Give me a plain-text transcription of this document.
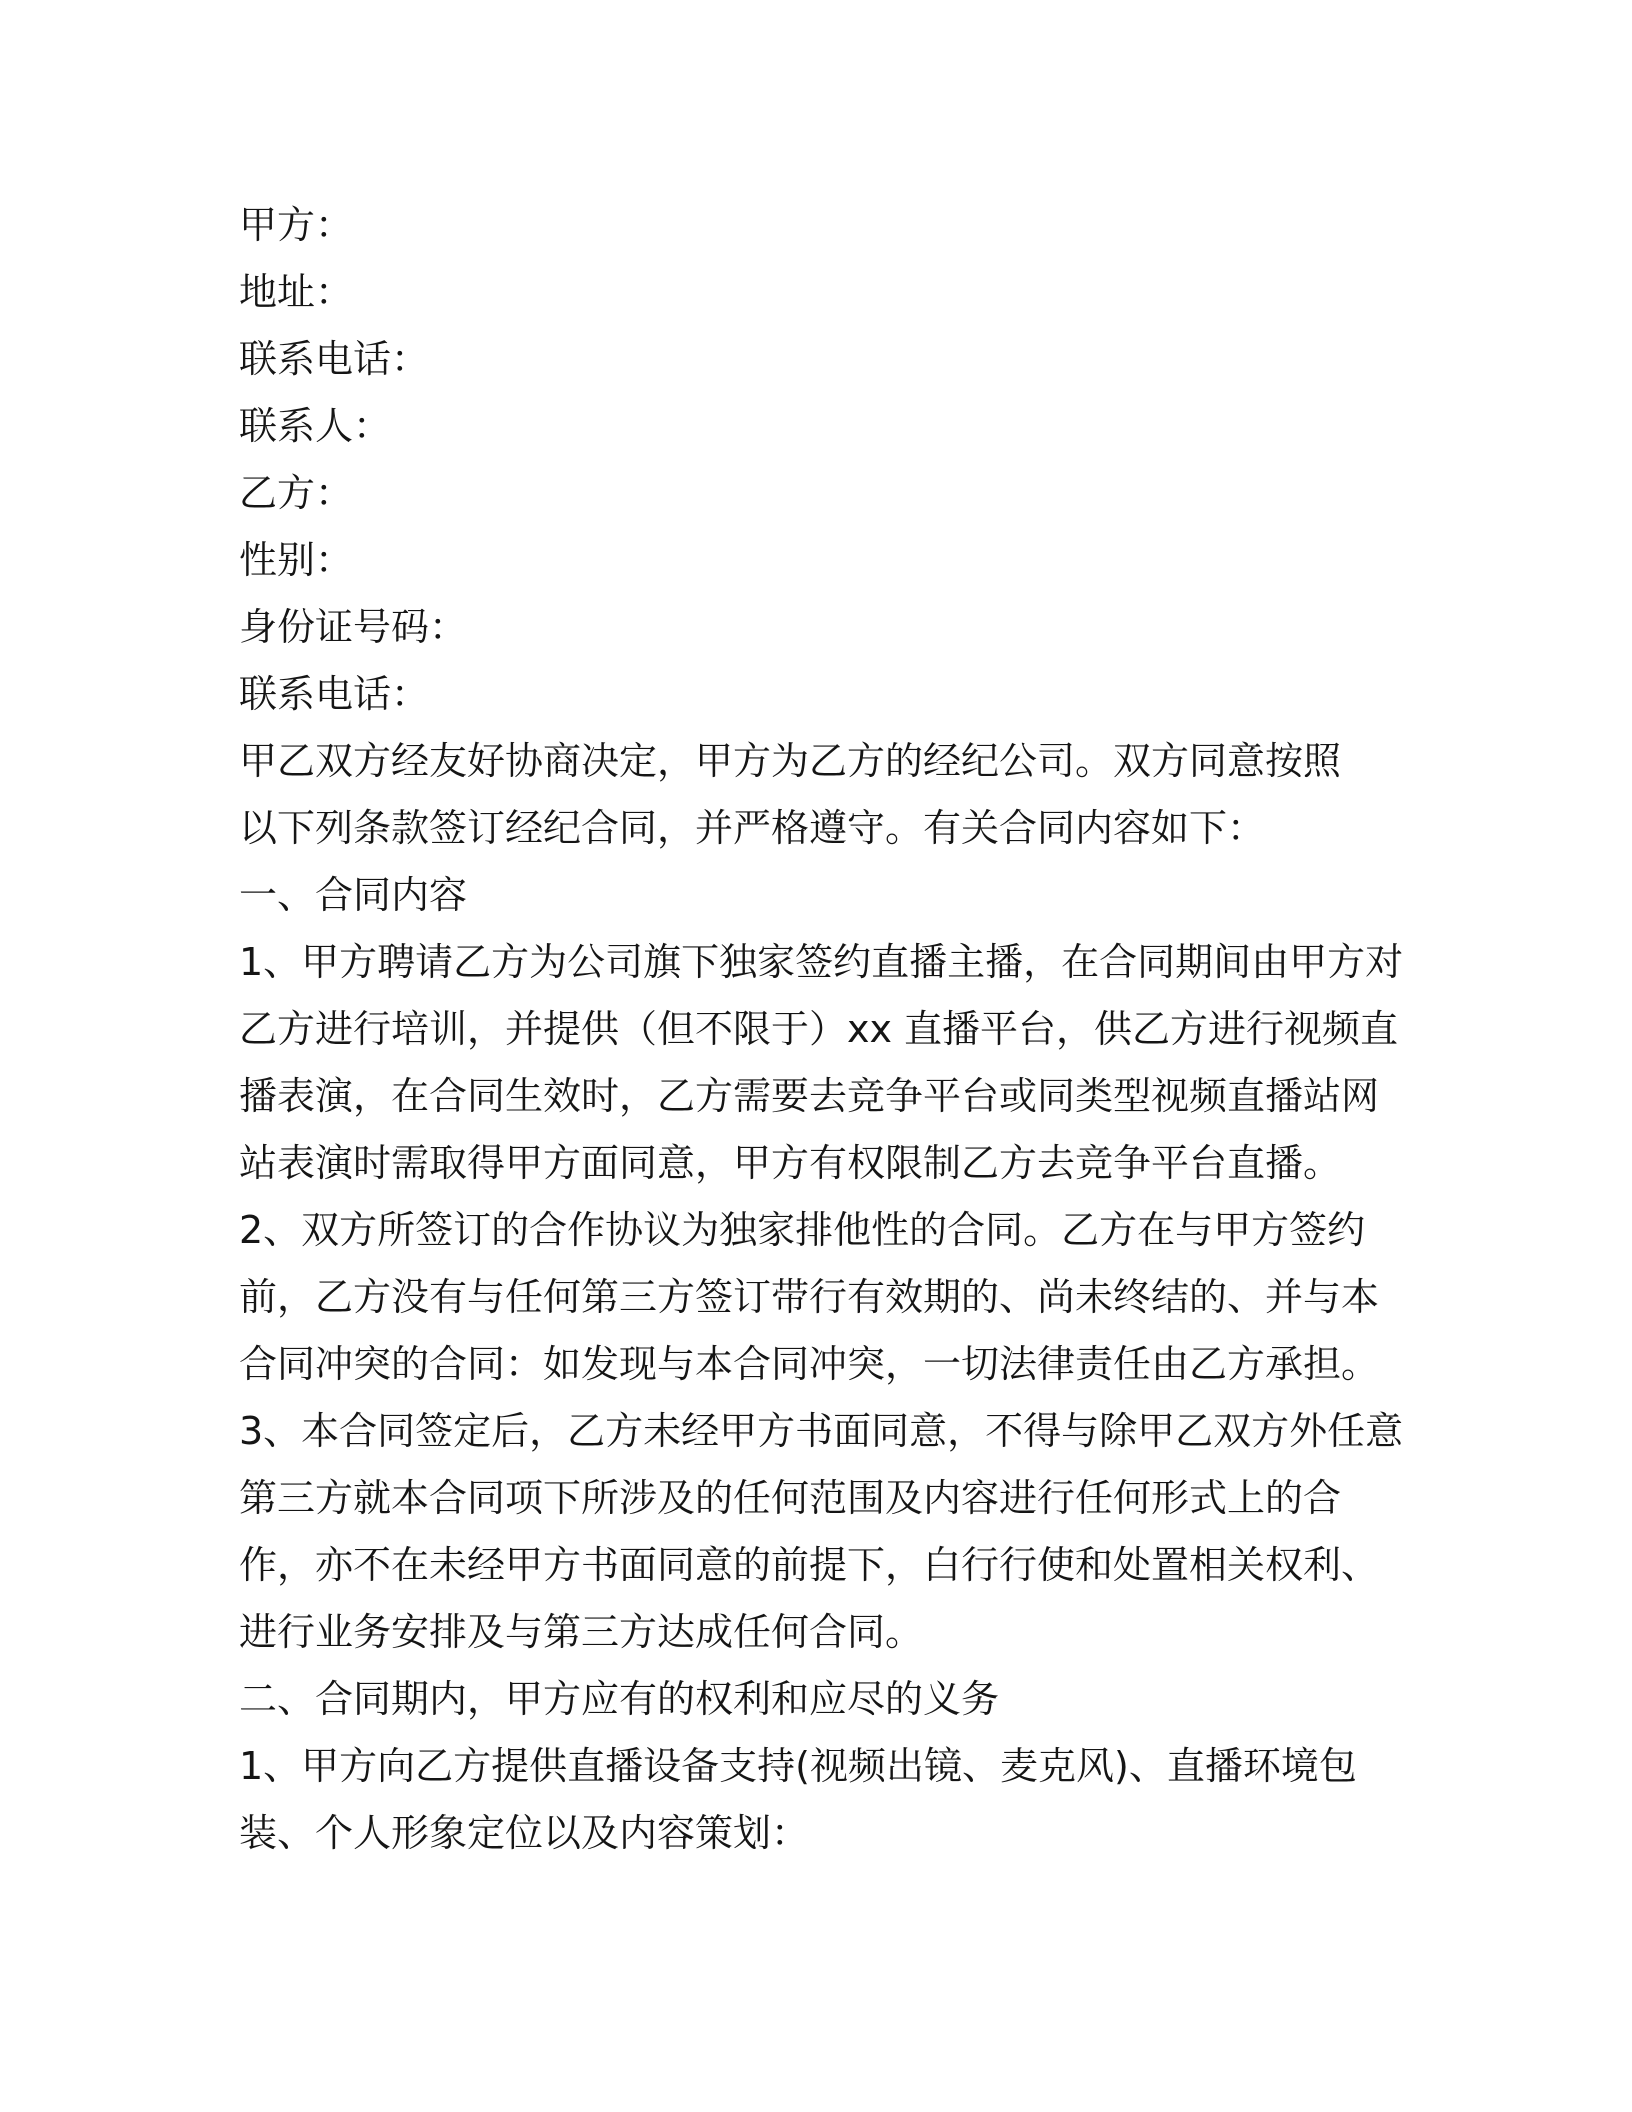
甲方：
地址：
联系电话：
联系人：
乙方：
性别：
身份证号码：
联系电话：
甲乙双方经友好协商决定，甲方为乙方的经纪公司。双方同意按照
以下列条款签订经纪合同，并严格遵守。有关合同内容如下：
一、合同内容
1、甲方聘请乙方为公司旗下独家签约直播主播，在合同期间由甲方对
乙方进行培训，并提供（但不限于）xx 直播平台，供乙方进行视频直
播表演，在合同生效时，乙方需要去竞争平台或同类型视频直播站网
站表演时需取得甲方面同意，甲方有权限制乙方去竞争平台直播。
2、双方所签订的合作协议为独家排他性的合同。乙方在与甲方签约
前，乙方没有与任何第三方签订带行有效期的、尚未终结的、并与本
合同冲突的合同：如发现与本合同冲突，一切法律责任由乙方承担。
3、本合同签定后，乙方未经甲方书面同意，不得与除甲乙双方外任意
第三方就本合同项下所涉及的任何范围及内容进行任何形式上的合
作，亦不在未经甲方书面同意的前提下，白行行使和处置相关权利、
进行业务安排及与第三方达成任何合同。
二、合同期内，甲方应有的权利和应尽的义务
1、甲方向乙方提供直播设备支持(视频出镜、麦克风)、直播环境包
装、个人形象定位以及内容策划：
